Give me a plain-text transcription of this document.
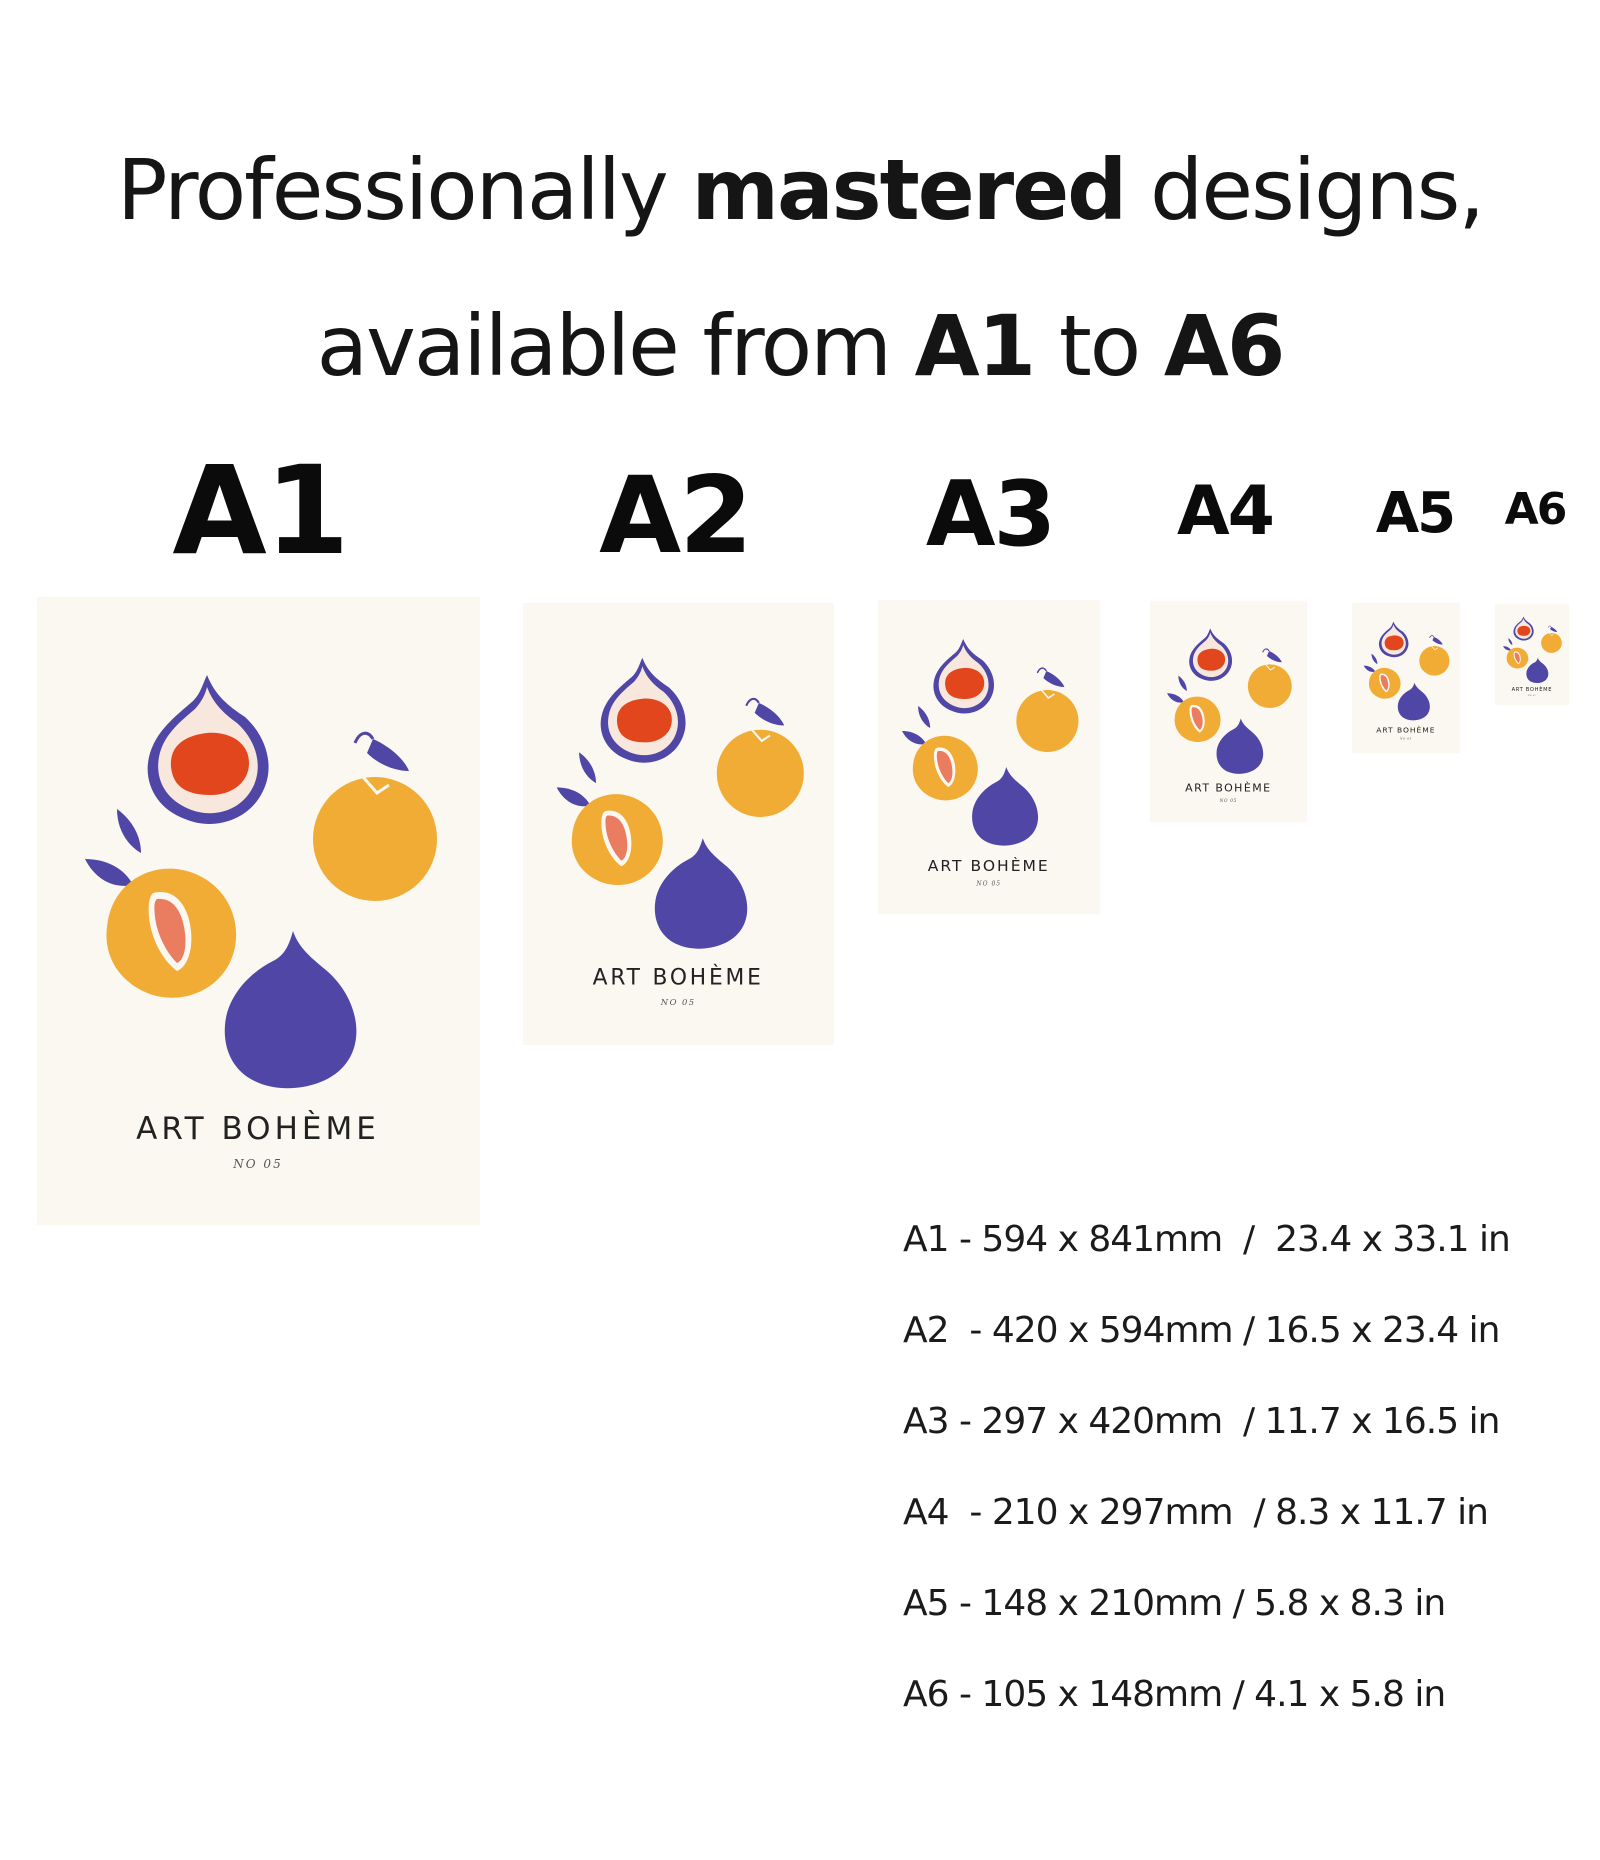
Professionally mastered designs,
available from A1 to A6
A1 A2	A3	A4	A5	A6
ART BOHÈME
NO 05
ART BOHÈME
NO 05
ART BOHÈME
NO 05
ART BOHÈME
NO 05
ART BOHÈME
NO 05
ART BOHÈME
NO 05
A1 - 594 x 841mm  /  23.4 x 33.1 in
A2  - 420 x 594mm / 16.5 x 23.4 in
A3 - 297 x 420mm  / 11.7 x 16.5 in
A4  - 210 x 297mm  / 8.3 x 11.7 in
A5 - 148 x 210mm / 5.8 x 8.3 in
A6 - 105 x 148mm / 4.1 x 5.8 in
